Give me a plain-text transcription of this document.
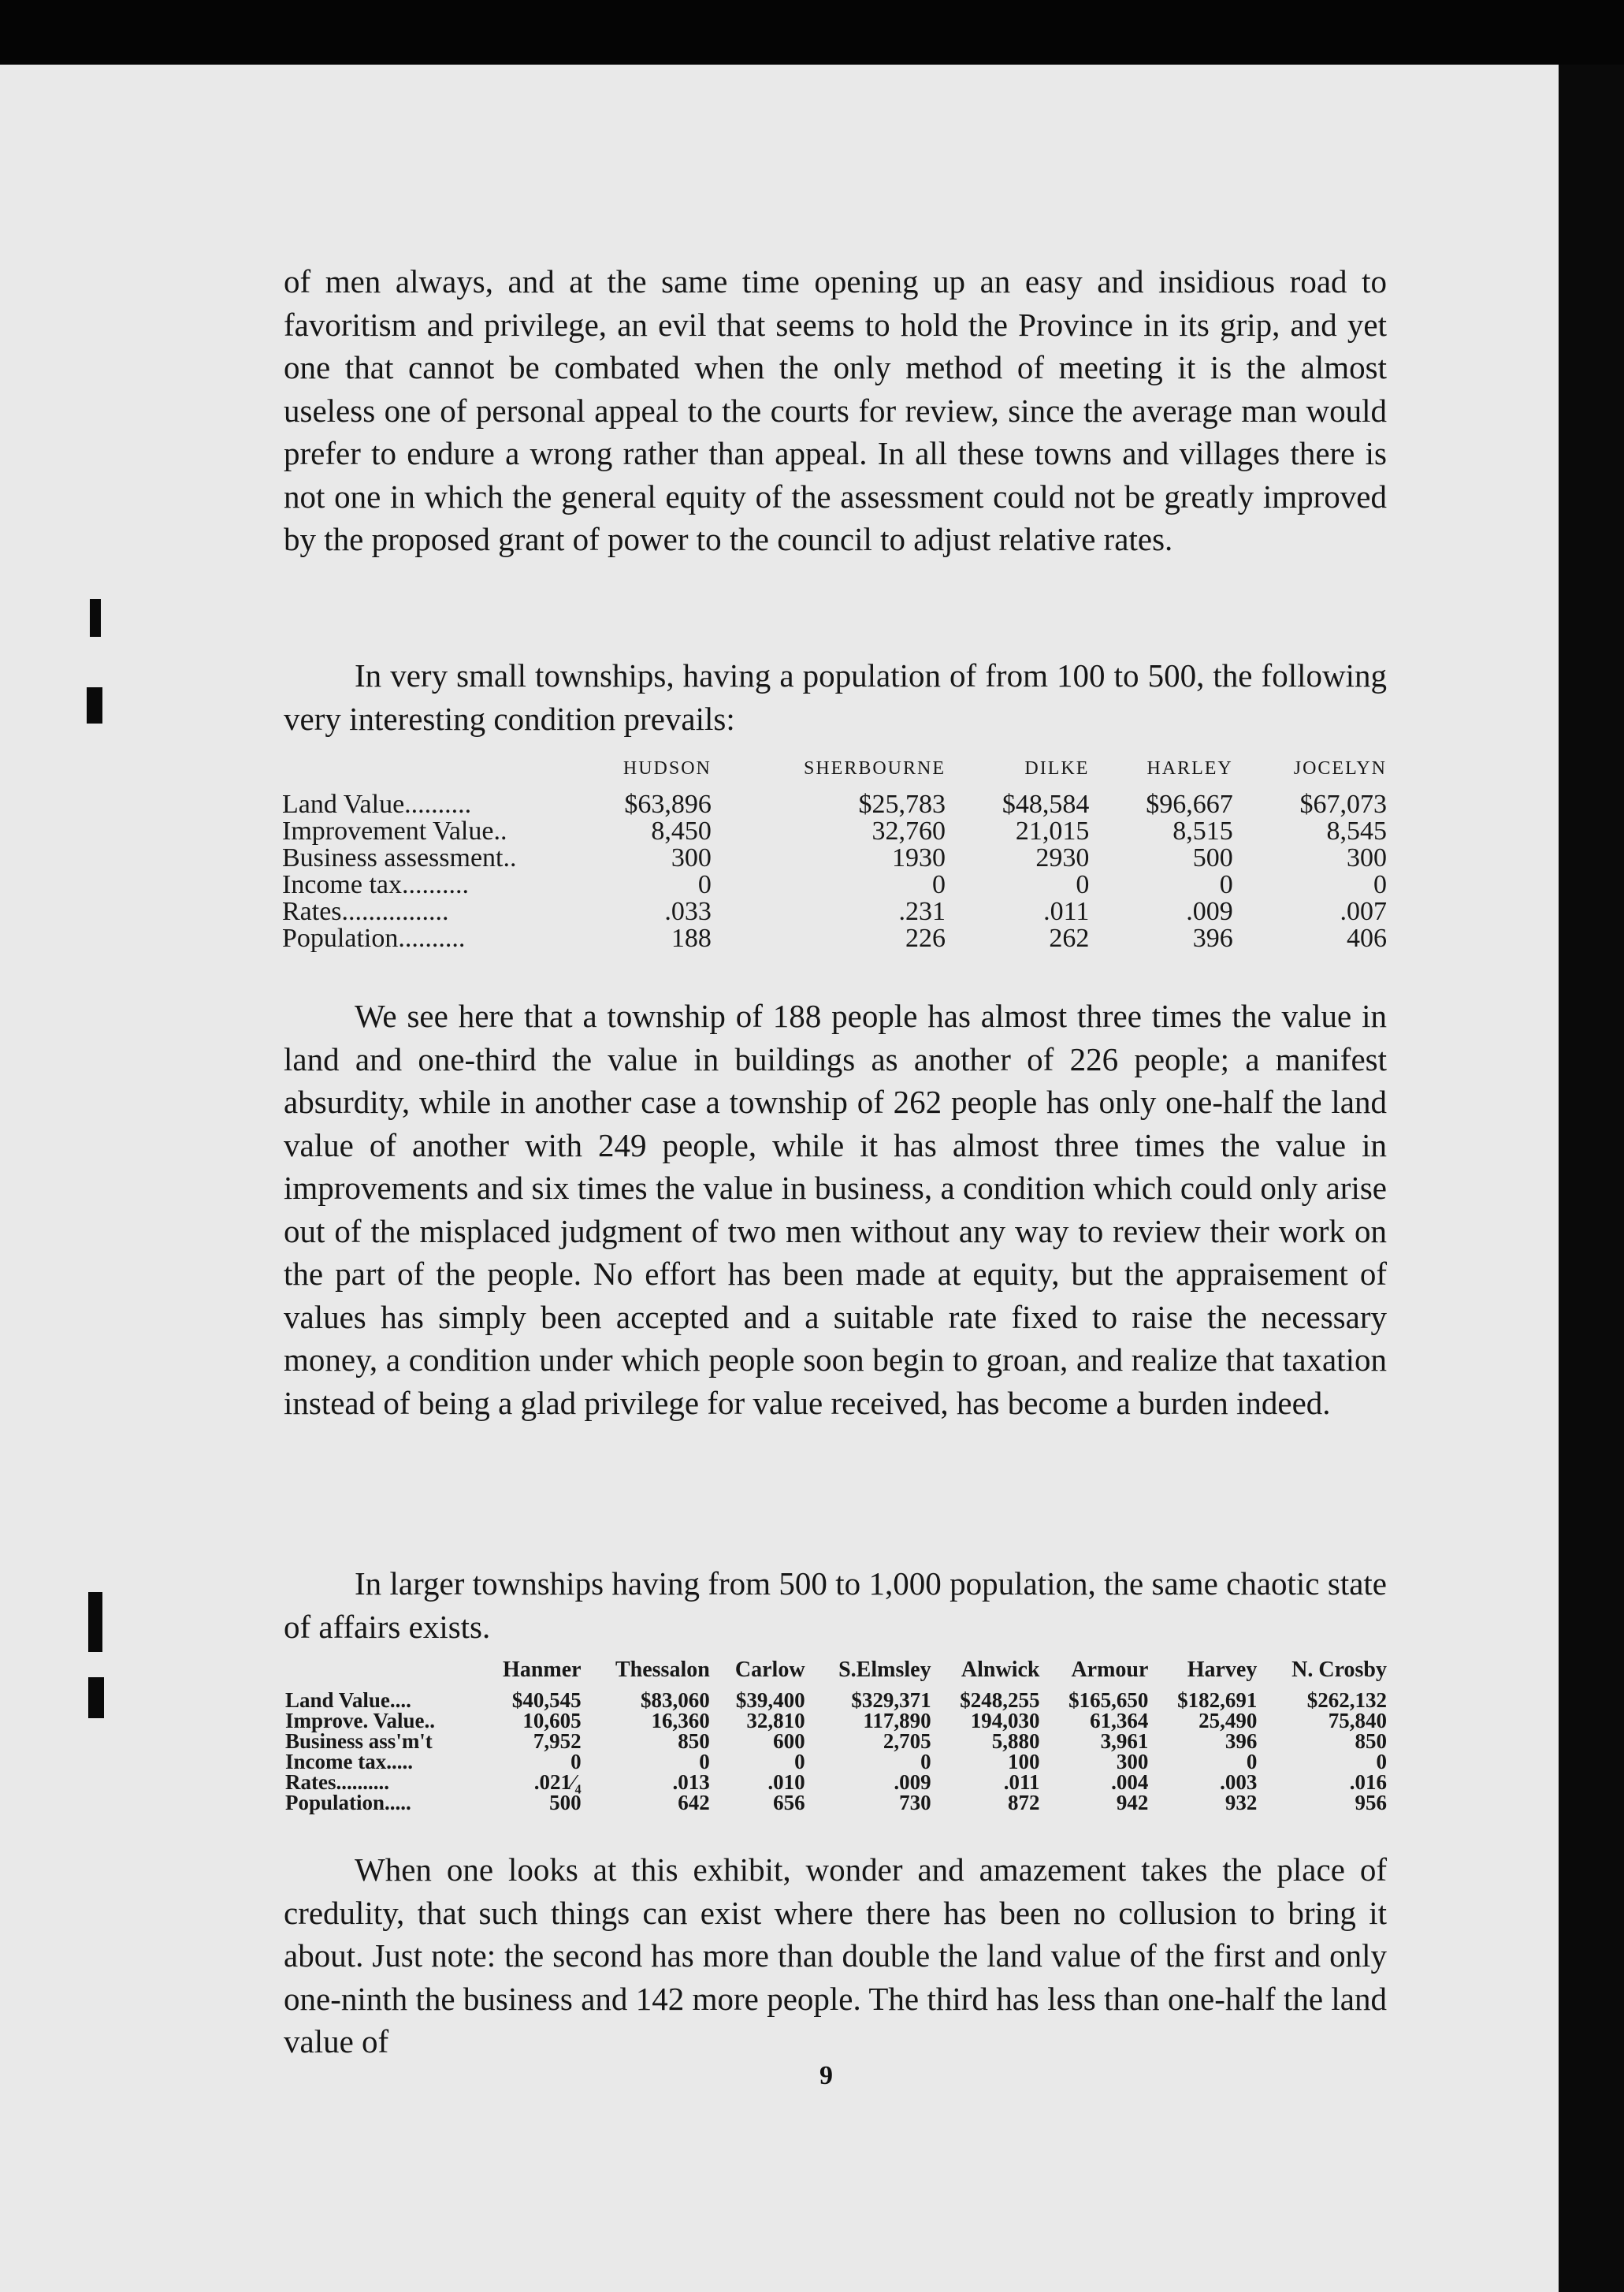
of men always, and at the same time opening up an easy and insidious road to favoritism and privilege, an evil that seems to hold the Province in its grip, and yet one that cannot be combated when the only method of meeting it is the almost useless one of personal appeal to the courts for review, since the average man would prefer to endure a wrong rather than appeal. In all these towns and villages there is not one in which the general equity of the assessment could not be greatly improved by the proposed grant of power to the council to adjust relative rates.

In very small townships, having a population of from 100 to 500, the following very interesting condition prevails:

	HUDSON	SHERBOURNE	DILKE	HARLEY	JOCELYN
Land Value..........	$63,896	$25,783	$48,584	$96,667	$67,073
Improvement Value..	8,450	32,760	21,015	8,515	8,545
Business assessment..	300	1930	2930	500	300
Income tax..........	0	0	0	0	0
Rates................	.033	.231	.011	.009	.007
Population..........	188	226	262	396	406

We see here that a township of 188 people has almost three times the value in land and one-third the value in buildings as another of 226 people; a manifest absurdity, while in another case a township of 262 people has only one-half the land value of another with 249 people, while it has almost three times the value in improvements and six times the value in business, a condition which could only arise out of the misplaced judgment of two men without any way to review their work on the part of the people. No effort has been made at equity, but the appraisement of values has simply been accepted and a suitable rate fixed to raise the necessary money, a condition under which people soon begin to groan, and realize that taxation instead of being a glad privilege for value received, has become a burden indeed.

In larger townships having from 500 to 1,000 population, the same chaotic state of affairs exists.

	Hanmer	Thessalon	Carlow	S.Elmsley	Alnwick	Armour	Harvey	N. Crosby
Land Value....	$40,545	$83,060	$39,400	$329,371	$248,255	$165,650	$182,691	$262,132
Improve. Value..	10,605	16,360	32,810	117,890	194,030	61,364	25,490	75,840
Business ass'm't	7,952	850	600	2,705	5,880	3,961	396	850
Income tax.....	0	0	0	0	100	300	0	0
Rates..........	.021⁄₄	.013	.010	.009	.011	.004	.003	.016
Population.....	500	642	656	730	872	942	932	956

When one looks at this exhibit, wonder and amazement takes the place of credulity, that such things can exist where there has been no collusion to bring it about. Just note: the second has more than double the land value of the first and only one-ninth the business and 142 more people. The third has less than one-half the land value of

9
